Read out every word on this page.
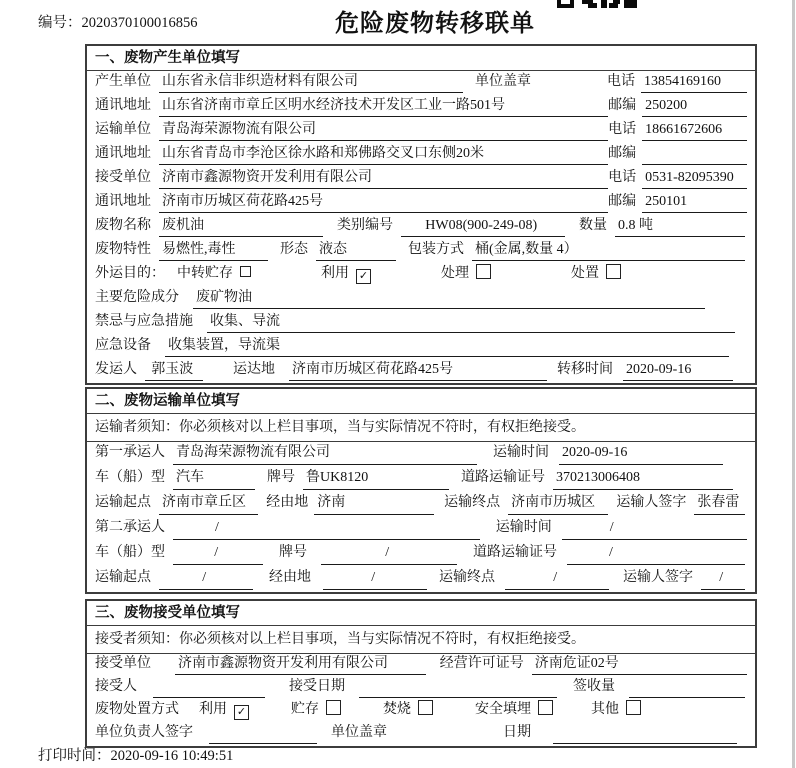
编号：2020370100016856	危险废物转移联单
一、废物产生单位填写
产生单位 山东省永信非织造材料有限公司	单位盖章	电话 13854169160
通讯地址 山东省济南市章丘区明水经济技术开发区工业一路501号	邮编 250200
运输单位 青岛海荣源物流有限公司	电话 18661672606
通讯地址 山东省青岛市李沧区徐水路和郑佛路交叉口东侧20米	邮编
接受单位 济南市鑫源物资开发利用有限公司	电话 0531-82095390
通讯地址 济南市历城区荷花路425号	邮编 250101
废物名称 废机油	类别编号	HW08(900-249-08)	数量 0.8 吨
废物特性 易燃性,毒性	形态 液态	包装方式 桶(金属,数量 4）
外运目的： 中转贮存	利用 ✓	处理	处置
主要危险成分 废矿物油
禁忌与应急措施 收集、导流
应急设备 收集装置，导流渠
发运人	郭玉波	运达地 济南市历城区荷花路425号	转移时间 2020-09-16
二、废物运输单位填写
运输者须知：你必须核对以上栏目事项，当与实际情况不符时，有权拒绝接受。
第一承运人 青岛海荣源物流有限公司	运输时间 2020-09-16
车（船）型 汽车	牌号 鲁UK8120	道路运输证号 370213006408
运输起点 济南市章丘区	经由地 济南	运输终点 济南市历城区	运输人签字 张春雷
第二承运人	/	运输时间	/
车（船）型	/	牌号	/	道路运输证号	/
运输起点	/	经由地	/	运输终点	/	运输人签字	/
三、废物接受单位填写
接受者须知：你必须核对以上栏目事项，当与实际情况不符时，有权拒绝接受。
接受单位 济南市鑫源物资开发利用有限公司	经营许可证号 济南危证02号
接受人	接受日期	签收量
废物处置方式 利用 ✓	贮存	焚烧	安全填埋	其他
单位负责人签字	单位盖章	日期
打印时间：2020-09-16 10:49:51
